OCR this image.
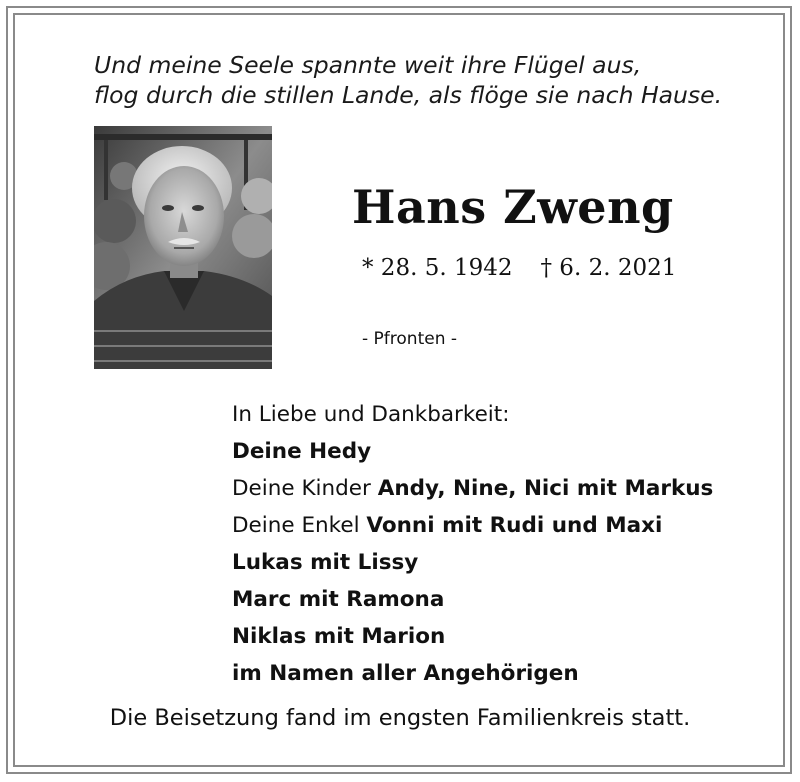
Und meine Seele spannte weit ihre Flügel aus,
flog durch die stillen Lande, als flöge sie nach Hause.
Hans Zweng
* 28. 5. 1942 † 6. 2. 2021
- Pfronten -
In Liebe und Dankbarkeit:
Deine Hedy
Deine Kinder Andy, Nine, Nici mit Markus
Deine Enkel Vonni mit Rudi und Maxi
Lukas mit Lissy
Marc mit Ramona
Niklas mit Marion
im Namen aller Angehörigen
Die Beisetzung fand im engsten Familienkreis statt.
